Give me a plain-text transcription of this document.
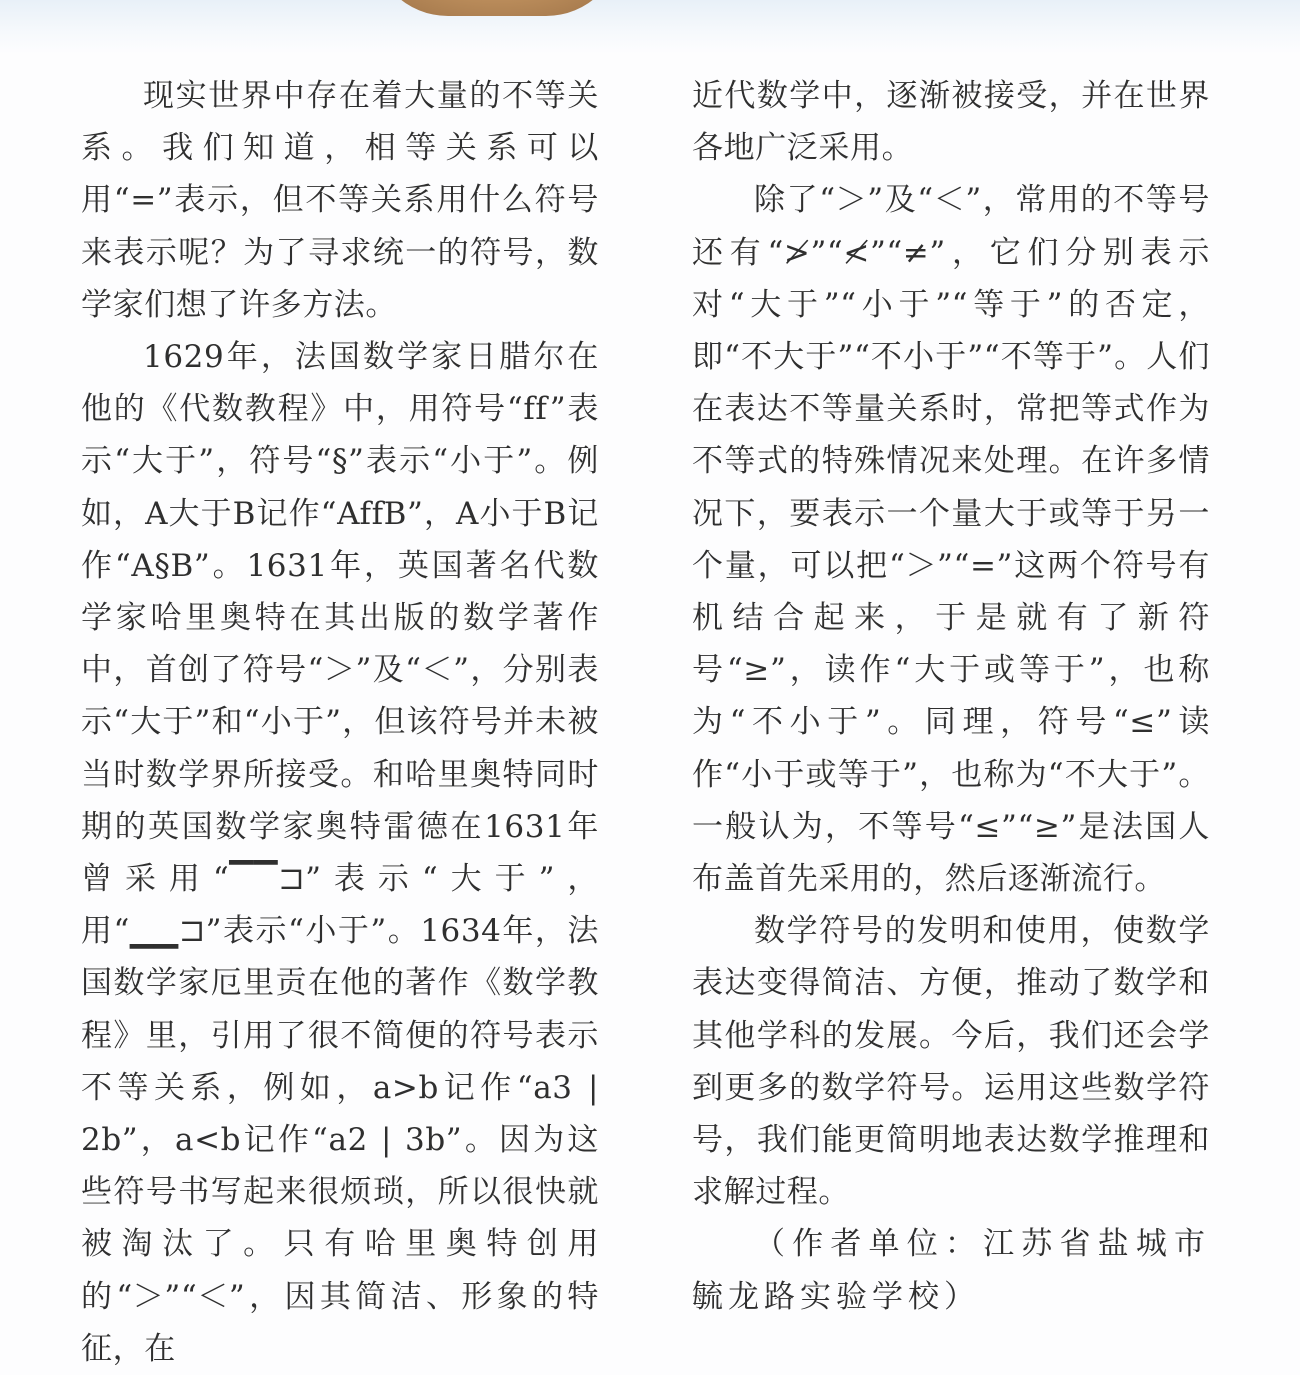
现实世界中存在着大量的不等关系。我们知道，相等关系可以用“=”表示，但不等关系用什么符号来表示呢？为了寻求统一的符号，数学家们想了许多方法。

1629年，法国数学家日腊尔在他的《代数教程》中，用符号“ff”表示“大于”，符号“§”表示“小于”。例如，A大于B记作“AffB”，A小于B记作“A§B”。1631年，英国著名代数学家哈里奥特在其出版的数学著作中，首创了符号“＞”及“＜”，分别表示“大于”和“小于”，但该符号并未被当时数学界所接受。和哈里奥特同时期的英国数学家奥特雷德在1631年曾采用“▔▔⊐”表示“大于”，用“▁▁⊐”表示“小于”。1634年，法国数学家厄里贡在他的著作《数学教程》里，引用了很不简便的符号表示不等关系，例如，a>b记作“a3 | 2b”，a<b记作“a2 | 3b”。因为这些符号书写起来很烦琐，所以很快就被淘汰了。只有哈里奥特创用的“＞”“＜”，因其简洁、形象的特征，在

近代数学中，逐渐被接受，并在世界各地广泛采用。

除了“＞”及“＜”，常用的不等号还有“≯”“≮”“≠”，它们分别表示对“大于”“小于”“等于”的否定，即“不大于”“不小于”“不等于”。人们在表达不等量关系时，常把等式作为不等式的特殊情况来处理。在许多情况下，要表示一个量大于或等于另一个量，可以把“＞”“=”这两个符号有机结合起来，于是就有了新符号“≥”，读作“大于或等于”，也称为“不小于”。同理，符号“≤”读作“小于或等于”，也称为“不大于”。一般认为，不等号“≤”“≥”是法国人布盖首先采用的，然后逐渐流行。

数学符号的发明和使用，使数学表达变得简洁、方便，推动了数学和其他学科的发展。今后，我们还会学到更多的数学符号。运用这些数学符号，我们能更简明地表达数学推理和求解过程。

（作者单位：江苏省盐城市毓龙路实验学校）
